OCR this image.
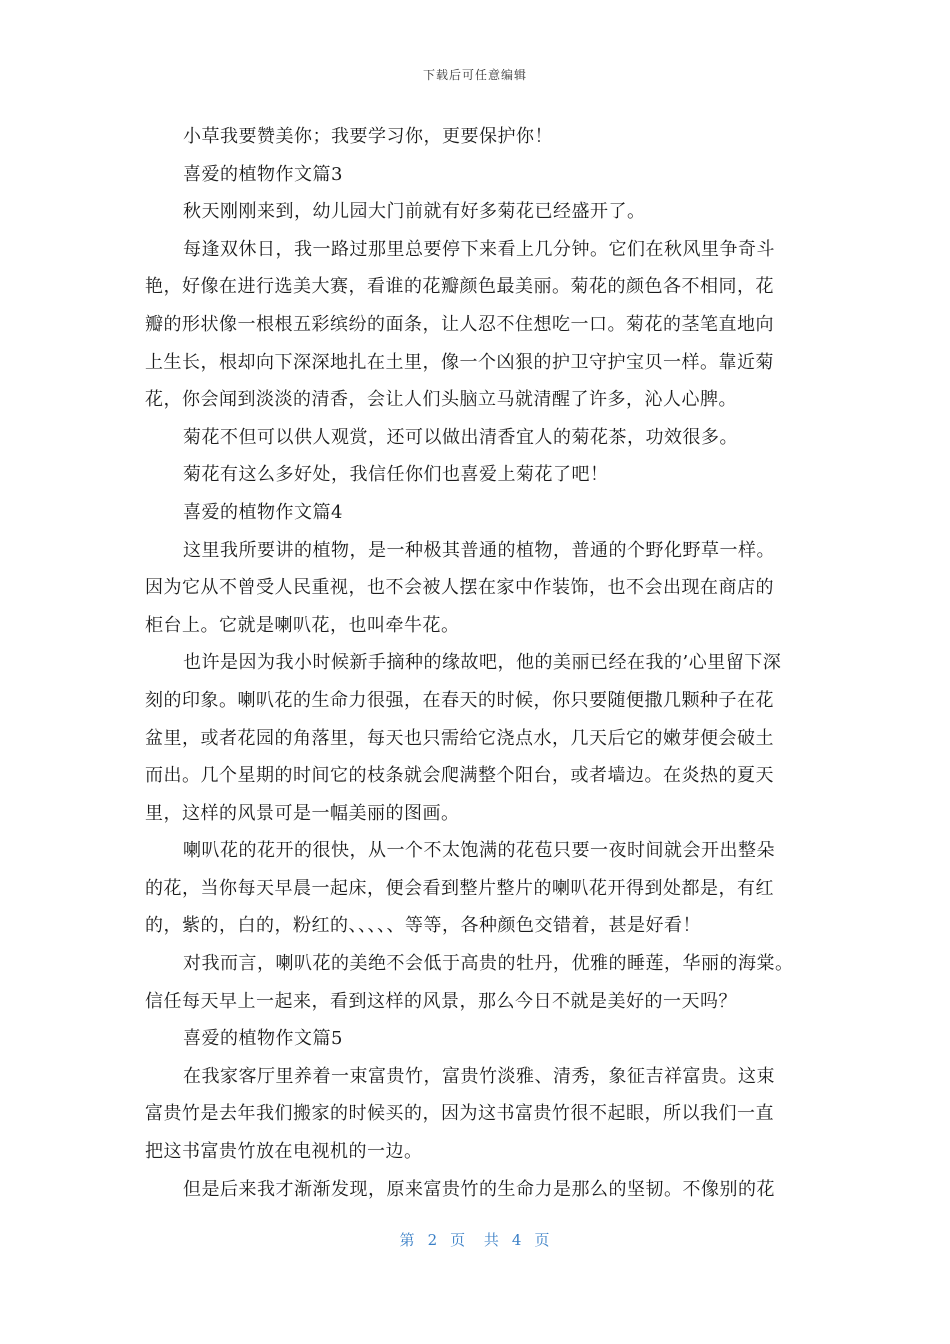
下载后可任意编辑
小草我要赞美你；我要学习你，更要保护你！
喜爱的植物作文篇3
秋天刚刚来到，幼儿园大门前就有好多菊花已经盛开了。
每逢双休日，我一路过那里总要停下来看上几分钟。它们在秋风里争奇斗
艳，好像在进行选美大赛，看谁的花瓣颜色最美丽。菊花的颜色各不相同，花
瓣的形状像一根根五彩缤纷的面条，让人忍不住想吃一口。菊花的茎笔直地向
上生长，根却向下深深地扎在土里，像一个凶狠的护卫守护宝贝一样。靠近菊
花，你会闻到淡淡的清香，会让人们头脑立马就清醒了许多，沁人心脾。
菊花不但可以供人观赏，还可以做出清香宜人的菊花茶，功效很多。
菊花有这么多好处，我信任你们也喜爱上菊花了吧！
喜爱的植物作文篇4
这里我所要讲的植物，是一种极其普通的植物，普通的个野化野草一样。
因为它从不曾受人民重视，也不会被人摆在家中作装饰，也不会出现在商店的
柜台上。它就是喇叭花，也叫牵牛花。
也许是因为我小时候新手摘种的缘故吧，他的美丽已经在我的’心里留下深
刻的印象。喇叭花的生命力很强，在春天的时候，你只要随便撒几颗种子在花
盆里，或者花园的角落里，每天也只需给它浇点水，几天后它的嫩芽便会破土
而出。几个星期的时间它的枝条就会爬满整个阳台，或者墙边。在炎热的夏天
里，这样的风景可是一幅美丽的图画。
喇叭花的花开的很快，从一个不太饱满的花苞只要一夜时间就会开出整朵
的花，当你每天早晨一起床，便会看到整片整片的喇叭花开得到处都是，有红
的，紫的，白的，粉红的、、、、、等等，各种颜色交错着，甚是好看！
对我而言，喇叭花的美绝不会低于高贵的牡丹，优雅的睡莲，华丽的海棠。
信任每天早上一起来，看到这样的风景，那么今日不就是美好的一天吗？
喜爱的植物作文篇5
在我家客厅里养着一束富贵竹，富贵竹淡雅、清秀，象征吉祥富贵。这束
富贵竹是去年我们搬家的时候买的，因为这书富贵竹很不起眼，所以我们一直
把这书富贵竹放在电视机的一边。
但是后来我才渐渐发现，原来富贵竹的生命力是那么的坚韧。不像别的花
第 2 页 共 4 页
